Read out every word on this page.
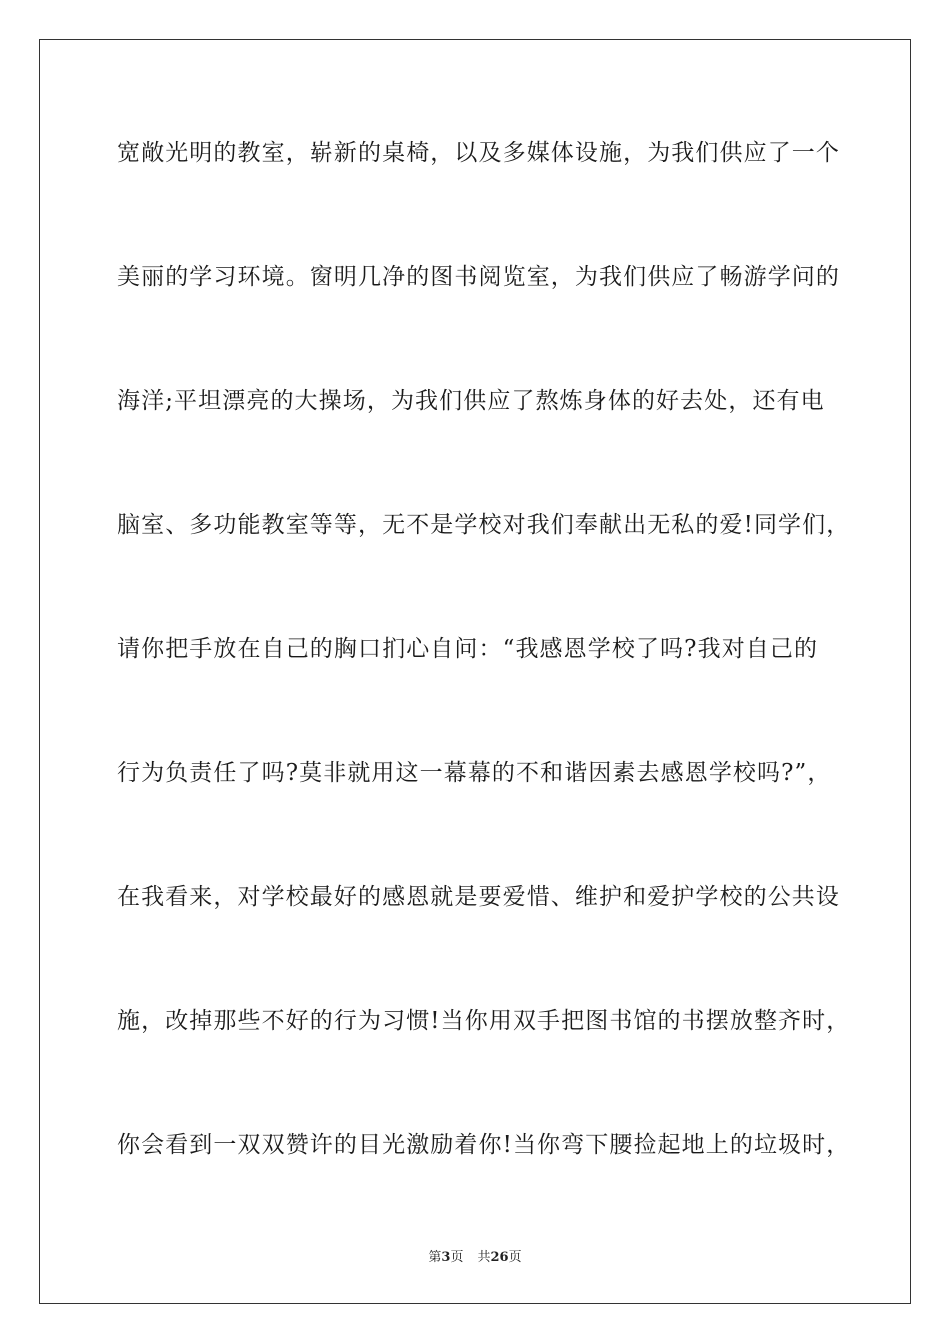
宽敞光明的教室，崭新的桌椅，以及多媒体设施，为我们供应了一个
美丽的学习环境。窗明几净的图书阅览室，为我们供应了畅游学问的
海洋;平坦漂亮的大操场，为我们供应了熬炼身体的好去处，还有电
脑室、多功能教室等等，无不是学校对我们奉献出无私的爱!同学们，
请你把手放在自己的胸口扪心自问：“我感恩学校了吗?我对自己的
行为负责任了吗?莫非就用这一幕幕的不和谐因素去感恩学校吗?”，
在我看来，对学校最好的感恩就是要爱惜、维护和爱护学校的公共设
施，改掉那些不好的行为习惯!当你用双手把图书馆的书摆放整齐时，
你会看到一双双赞许的目光激励着你!当你弯下腰捡起地上的垃圾时，
第3页 共26页
